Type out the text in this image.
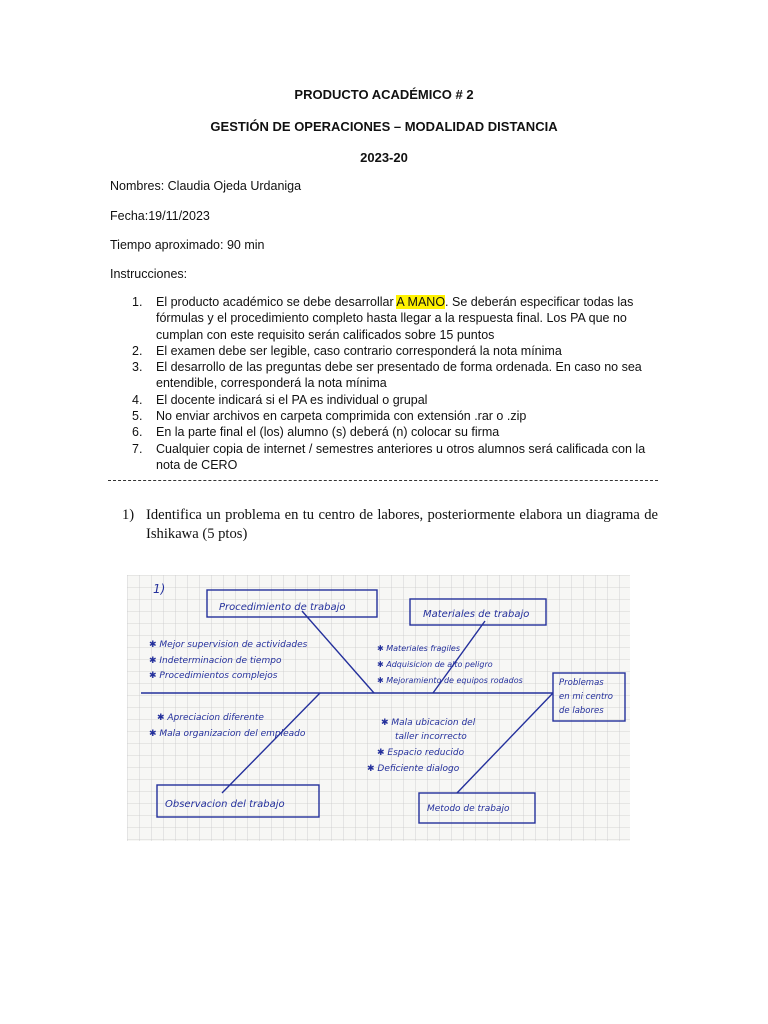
PRODUCTO ACADÉMICO # 2
GESTIÓN DE OPERACIONES – MODALIDAD DISTANCIA
2023-20
Nombres: Claudia Ojeda Urdaniga
Fecha:19/11/2023
Tiempo aproximado: 90 min
Instrucciones:
1. El producto académico se debe desarrollar A MANO. Se deberán especificar todas las fórmulas y el procedimiento completo hasta llegar a la respuesta final. Los PA que no cumplan con este requisito serán calificados sobre 15 puntos
2. El examen debe ser legible, caso contrario corresponderá la nota mínima
3. El desarrollo de las preguntas debe ser presentado de forma ordenada. En caso no sea entendible, corresponderá la nota mínima
4. El docente indicará si el PA es individual o grupal
5. No enviar archivos en carpeta comprimida con extensión .rar o .zip
6. En la parte final el (los) alumno (s) deberá (n) colocar su firma
7. Cualquier copia de internet / semestres anteriores u otros alumnos será calificada con la nota de CERO
1) Identifica un problema en tu centro de labores, posteriormente elabora un diagrama de Ishikawa (5 ptos)
1)
Procedimiento de trabajo
Materiales de trabajo
Observacion del trabajo	Metodo de trabajo
Problemas
en mi centro
de labores
✱ Mejor supervision de actividades
✱ Indeterminacion de tiempo
✱ Procedimientos complejos
✱ Materiales fragiles
✱ Adquisicion de alto peligro
✱ Mejoramiento de equipos rodados
✱ Apreciacion diferente
✱ Mala organizacion del empleado
✱ Mala ubicacion del
taller incorrecto
✱ Espacio reducido
✱ Deficiente dialogo
